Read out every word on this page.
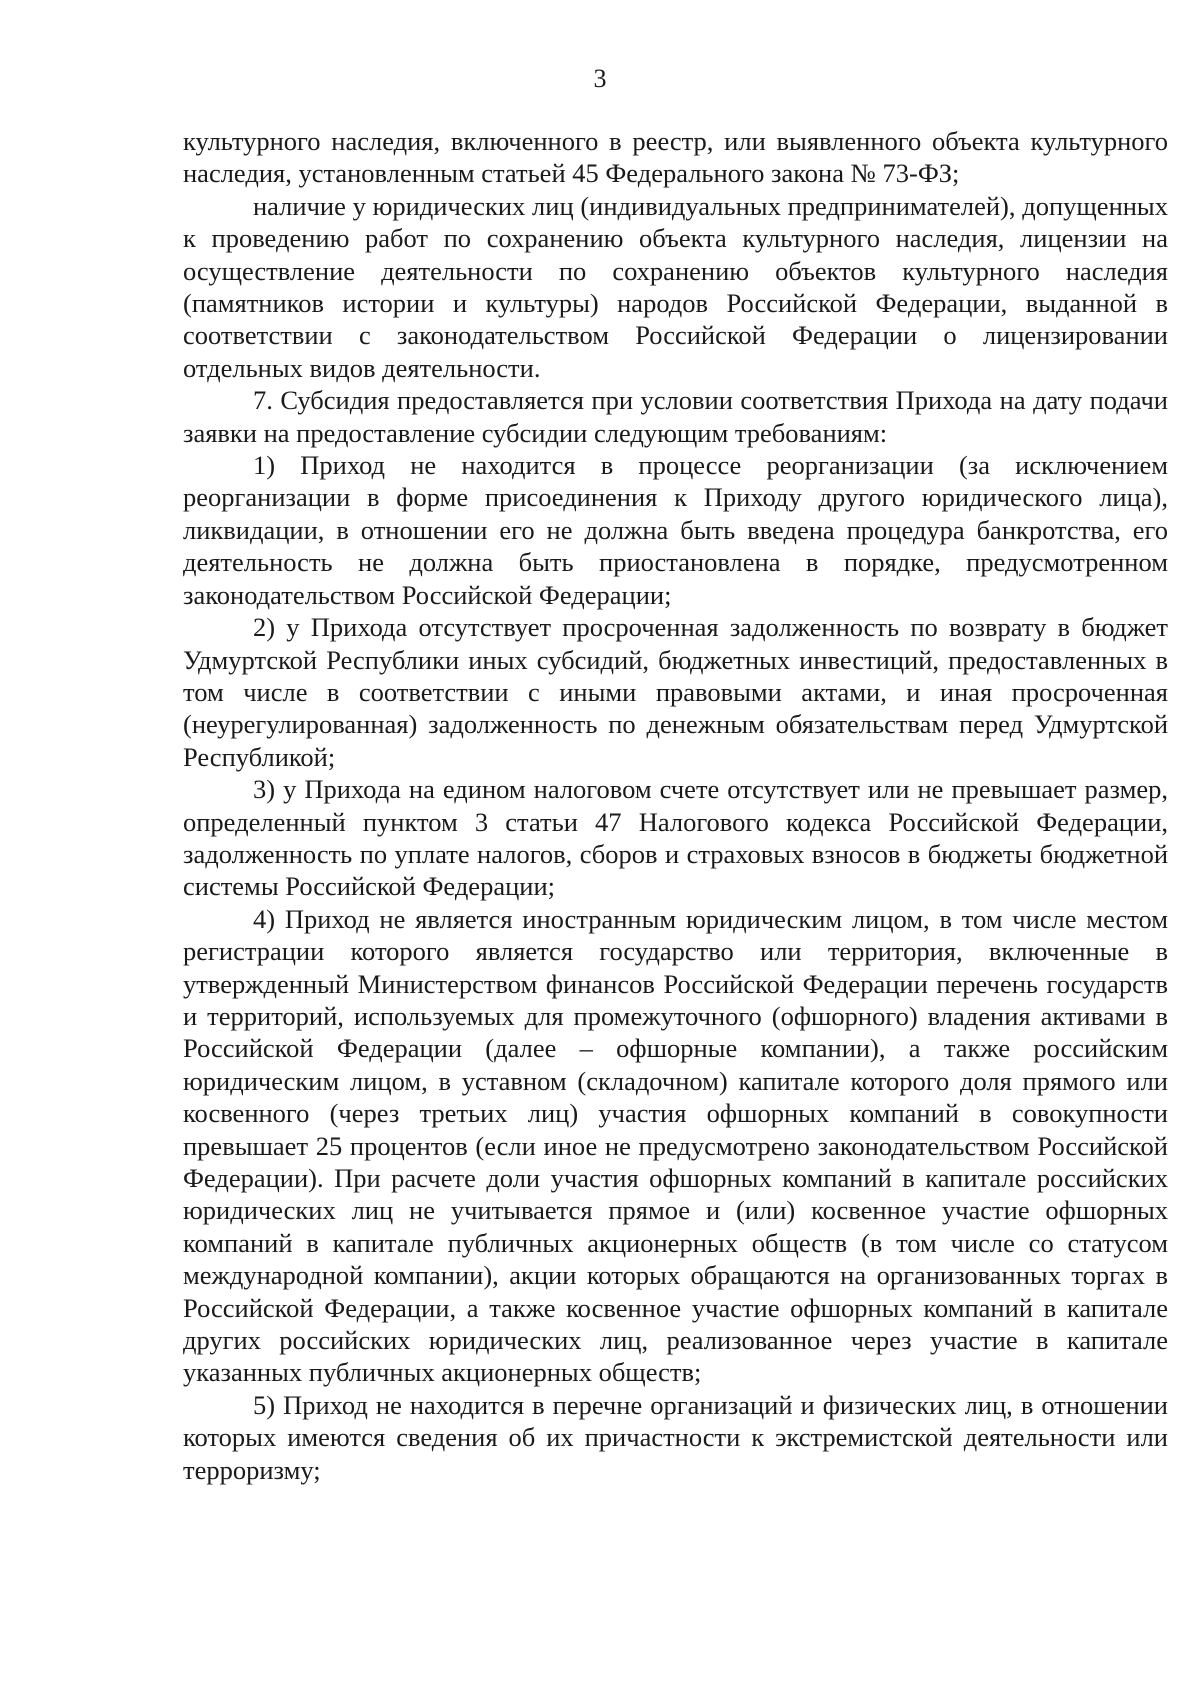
3

культурного наследия, включенного в реестр, или выявленного объекта культурного наследия, установленным статьей 45 Федерального закона № 73-ФЗ;

наличие у юридических лиц (индивидуальных предпринимателей), допущенных к проведению работ по сохранению объекта культурного наследия, лицензии на осуществление деятельности по сохранению объектов культурного наследия (памятников истории и культуры) народов Российской Федерации, выданной в соответствии с законодательством Российской Федерации о лицензировании отдельных видов деятельности.

7. Субсидия предоставляется при условии соответствия Прихода на дату подачи заявки на предоставление субсидии следующим требованиям:

1) Приход не находится в процессе реорганизации (за исключением реорганизации в форме присоединения к Приходу другого юридического лица), ликвидации, в отношении его не должна быть введена процедура банкротства, его деятельность не должна быть приостановлена в порядке, предусмотренном законодательством Российской Федерации;

2) у Прихода отсутствует просроченная задолженность по возврату в бюджет Удмуртской Республики иных субсидий, бюджетных инвестиций, предоставленных в том числе в соответствии с иными правовыми актами, и иная просроченная (неурегулированная) задолженность по денежным обязательствам перед Удмуртской Республикой;

3) у Прихода на едином налоговом счете отсутствует или не превышает размер, определенный пунктом 3 статьи 47 Налогового кодекса Российской Федерации, задолженность по уплате налогов, сборов и страховых взносов в бюджеты бюджетной системы Российской Федерации;

4) Приход не является иностранным юридическим лицом, в том числе местом регистрации которого является государство или территория, включенные в утвержденный Министерством финансов Российской Федерации перечень государств и территорий, используемых для промежуточного (офшорного) владения активами в Российской Федерации (далее – офшорные компании), а также российским юридическим лицом, в уставном (складочном) капитале которого доля прямого или косвенного (через третьих лиц) участия офшорных компаний в совокупности превышает 25 процентов (если иное не предусмотрено законодательством Российской Федерации). При расчете доли участия офшорных компаний в капитале российских юридических лиц не учитывается прямое и (или) косвенное участие офшорных компаний в капитале публичных акционерных обществ (в том числе со статусом международной компании), акции которых обращаются на организованных торгах в Российской Федерации, а также косвенное участие офшорных компаний в капитале других российских юридических лиц, реализованное через участие в капитале указанных публичных акционерных обществ;

5) Приход не находится в перечне организаций и физических лиц, в отношении которых имеются сведения об их причастности к экстремистской деятельности или терроризму;
